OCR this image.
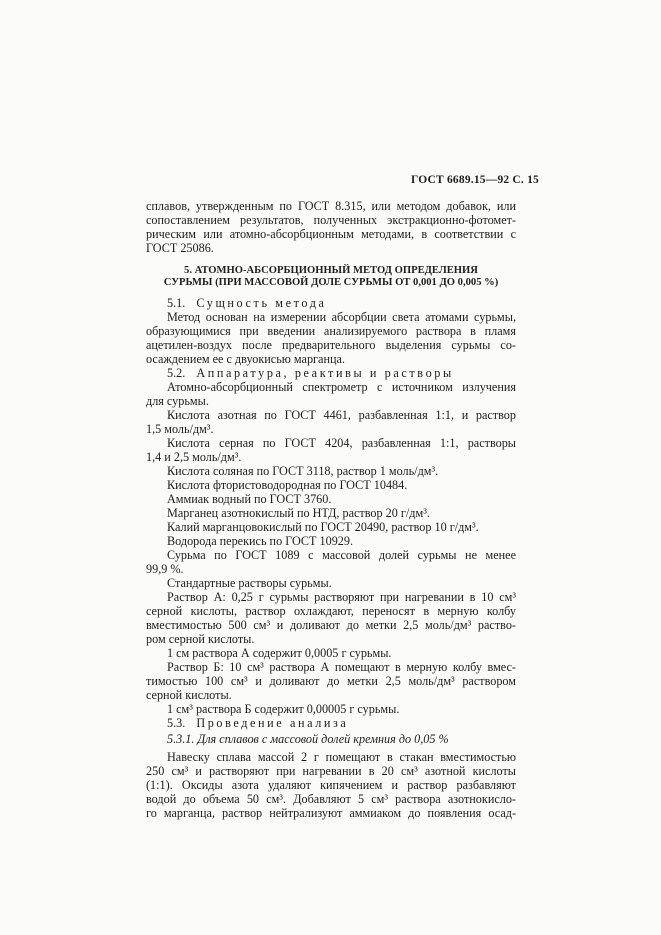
ГОСТ 6689.15—92 С. 15
сплавов, утвержденным по ГОСТ 8.315, или методом добавок, или
сопоставлением результатов, полученных экстракционно-фотомет-
рическим или атомно-абсорбционным методами, в соответствии с
ГОСТ 25086.
5. АТОМНО-АБСОРБЦИОННЫЙ МЕТОД ОПРЕДЕЛЕНИЯ
СУРЬМЫ (ПРИ МАССОВОЙ ДОЛЕ СУРЬМЫ ОТ 0,001 ДО 0,005 %)
5.1. Сущность метода
Метод основан на измерении абсорбции света атомами сурьмы,
образующимися при введении анализируемого раствора в пламя
ацетилен-воздух после предварительного выделения сурьмы со-
осаждением ее с двуокисью марганца.
5.2. Аппаратура, реактивы и растворы
Атомно-абсорбционный спектрометр с источником излучения
для сурьмы.
Кислота азотная по ГОСТ 4461, разбавленная 1:1, и раствор
1,5 моль/дм³.
Кислота серная по ГОСТ 4204, разбавленная 1:1, растворы
1,4 и 2,5 моль/дм³.
Кислота соляная по ГОСТ 3118, раствор 1 моль/дм³.
Кислота фтористоводородная по ГОСТ 10484.
Аммиак водный по ГОСТ 3760.
Марганец азотнокислый по НТД, раствор 20 г/дм³.
Калий марганцовокислый по ГОСТ 20490, раствор 10 г/дм³.
Водорода перекись по ГОСТ 10929.
Сурьма по ГОСТ 1089 с массовой долей сурьмы не менее
99,9 %.
Стандартные растворы сурьмы.
Раствор А: 0,25 г сурьмы растворяют при нагревании в 10 см³
серной кислоты, раствор охлаждают, переносят в мерную колбу
вместимостью 500 см³ и доливают до метки 2,5 моль/дм³ раство-
ром серной кислоты.
1 см раствора А содержит 0,0005 г сурьмы.
Раствор Б: 10 см³ раствора А помещают в мерную колбу вмес-
тимостью 100 см³ и доливают до метки 2,5 моль/дм³ раствором
серной кислоты.
1 см³ раствора Б содержит 0,00005 г сурьмы.
5.3. Проведение анализа
5.3.1. Для сплавов с массовой долей кремния до 0,05 %
Навеску сплава массой 2 г помещают в стакан вместимостью
250 см³ и растворяют при нагревании в 20 см³ азотной кислоты
(1:1). Оксиды азота удаляют кипячением и раствор разбавляют
водой до объема 50 см³. Добавляют 5 см³ раствора азотнокисло-
го марганца, раствор нейтрализуют аммиаком до появления осад-
